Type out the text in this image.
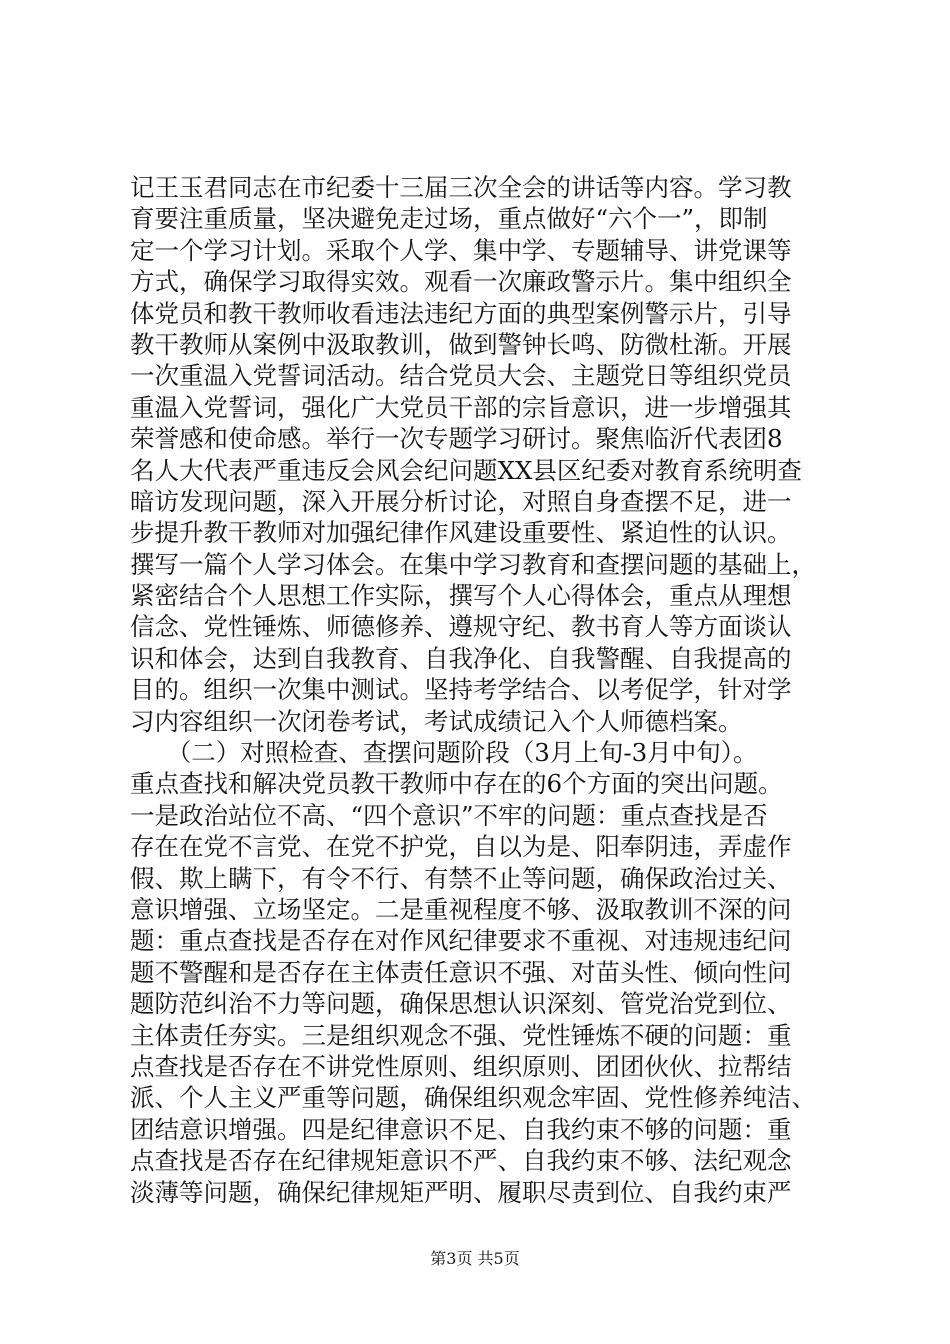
记王玉君同志在市纪委十三届三次全会的讲话等内容。学习教
育要注重质量，坚决避免走过场，重点做好“六个一”，即制
定一个学习计划。采取个人学、集中学、专题辅导、讲党课等
方式，确保学习取得实效。观看一次廉政警示片。集中组织全
体党员和教干教师收看违法违纪方面的典型案例警示片，引导
教干教师从案例中汲取教训，做到警钟长鸣、防微杜渐。开展
一次重温入党誓词活动。结合党员大会、主题党日等组织党员
重温入党誓词，强化广大党员干部的宗旨意识，进一步增强其
荣誉感和使命感。举行一次专题学习研讨。聚焦临沂代表团8
名人大代表严重违反会风会纪问题XX县区纪委对教育系统明查
暗访发现问题，深入开展分析讨论，对照自身查摆不足，进一
步提升教干教师对加强纪律作风建设重要性、紧迫性的认识。
撰写一篇个人学习体会。在集中学习教育和查摆问题的基础上，
紧密结合个人思想工作实际，撰写个人心得体会，重点从理想
信念、党性锤炼、师德修养、遵规守纪、教书育人等方面谈认
识和体会，达到自我教育、自我净化、自我警醒、自我提高的
目的。组织一次集中测试。坚持考学结合、以考促学，针对学
习内容组织一次闭卷考试，考试成绩记入个人师德档案。
　　（二）对照检查、查摆问题阶段（3月上旬-3月中旬）。
重点查找和解决党员教干教师中存在的6个方面的突出问题。
一是政治站位不高、“四个意识”不牢的问题：重点查找是否
存在在党不言党、在党不护党，自以为是、阳奉阴违，弄虚作
假、欺上瞒下，有令不行、有禁不止等问题，确保政治过关、
意识增强、立场坚定。二是重视程度不够、汲取教训不深的问
题：重点查找是否存在对作风纪律要求不重视、对违规违纪问
题不警醒和是否存在主体责任意识不强、对苗头性、倾向性问
题防范纠治不力等问题，确保思想认识深刻、管党治党到位、
主体责任夯实。三是组织观念不强、党性锤炼不硬的问题：重
点查找是否存在不讲党性原则、组织原则、团团伙伙、拉帮结
派、个人主义严重等问题，确保组织观念牢固、党性修养纯洁、
团结意识增强。四是纪律意识不足、自我约束不够的问题：重
点查找是否存在纪律规矩意识不严、自我约束不够、法纪观念
淡薄等问题，确保纪律规矩严明、履职尽责到位、自我约束严
第3页 共5页
